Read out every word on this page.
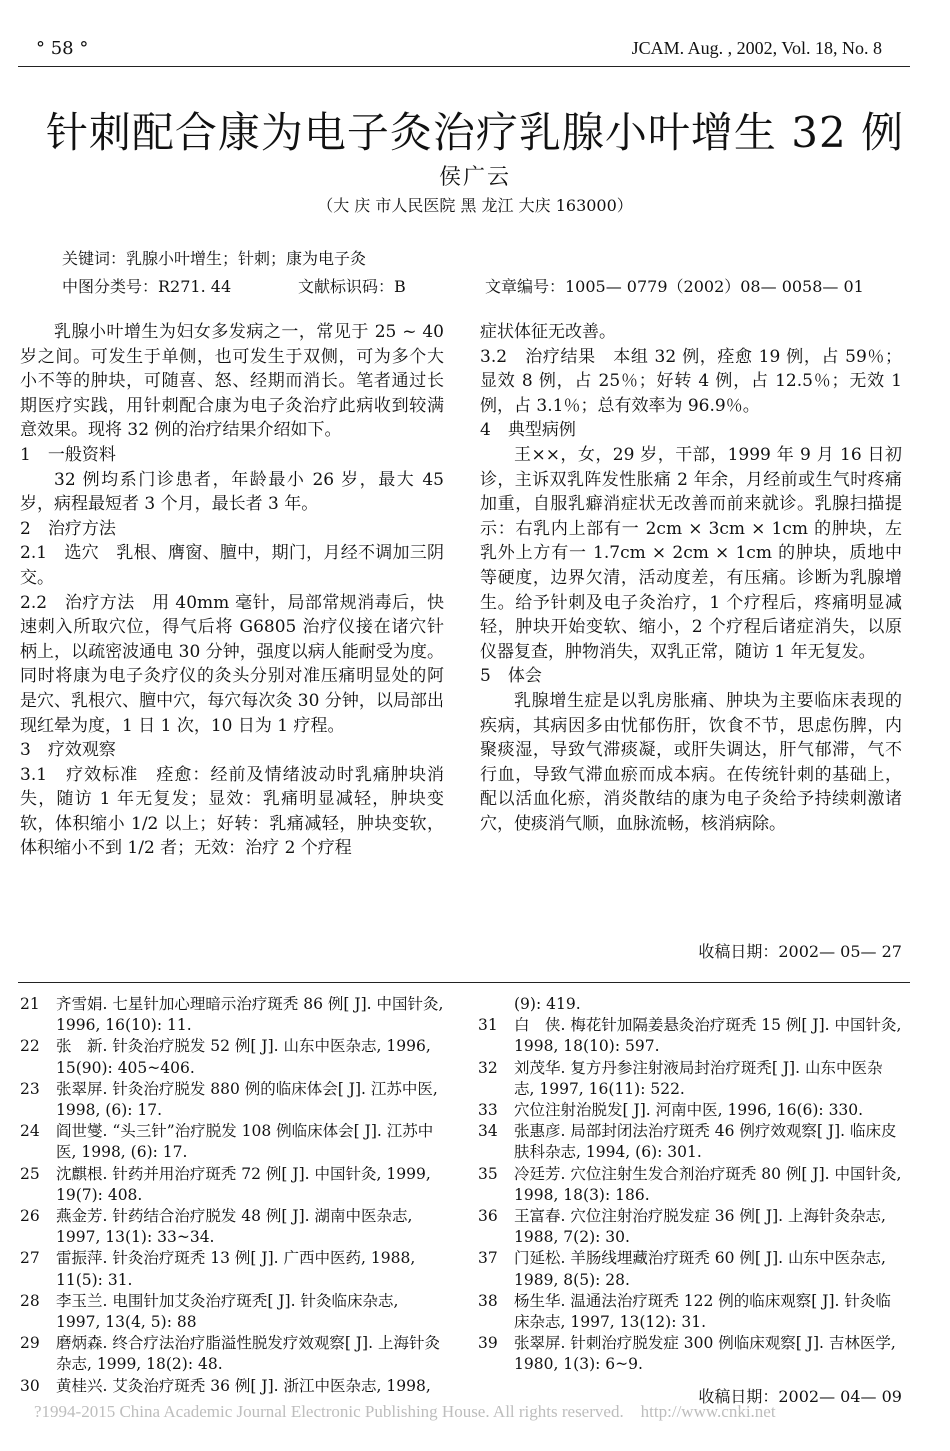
° 58 °	JCAM. Aug. , 2002, Vol. 18, No. 8
针刺配合康为电子灸治疗乳腺小叶增生 32 例
侯广云
（大 庆 市人民医院 黑 龙江 大庆 163000）
关键词：乳腺小叶增生；针刺；康为电子灸
中图分类号：R271. 44	文献标识码：B	文章编号：1005— 0779（2002）08— 0058— 01

乳腺小叶增生为妇女多发病之一，常见于 25 ~ 40岁之间。可发生于单侧，也可发生于双侧，可为多个大小不等的肿块，可随喜、怒、经期而消长。笔者通过长期医疗实践，用针刺配合康为电子灸治疗此病收到较满意效果。现将 32 例的治疗结果介绍如下。

1　一般资料

32 例均系门诊患者，年龄最小 26 岁，最大 45 岁，病程最短者 3 个月，最长者 3 年。

2　治疗方法

2.1　选穴　乳根、膺窗、膻中，期门，月经不调加三阴交。

2.2　治疗方法　用 40mm 毫针，局部常规消毒后，快速刺入所取穴位，得气后将 G6805 治疗仪接在诸穴针柄上，以疏密波通电 30 分钟，强度以病人能耐受为度。同时将康为电子灸疗仪的灸头分别对准压痛明显处的阿是穴、乳根穴、膻中穴，每穴每次灸 30 分钟，以局部出现红晕为度，1 日 1 次，10 日为 1 疗程。

3　疗效观察

3.1　疗效标准　痊愈：经前及情绪波动时乳痛肿块消失，随访 1 年无复发；显效：乳痛明显减轻，肿块变软，体积缩小 1/2 以上；好转：乳痛减轻，肿块变软，体积缩小不到 1/2 者；无效：治疗 2 个疗程

症状体征无改善。

3.2　治疗结果　本组 32 例，痊愈 19 例，占 59％；显效 8 例，占 25％；好转 4 例，占 12.5％；无效 1 例，占 3.1％；总有效率为 96.9％。

4　典型病例

王××，女，29 岁，干部，1999 年 9 月 16 日初诊，主诉双乳阵发性胀痛 2 年余，月经前或生气时疼痛加重，自服乳癖消症状无改善而前来就诊。乳腺扫描提示：右乳内上部有一 2cm × 3cm × 1cm 的肿块，左乳外上方有一 1.7cm × 2cm × 1cm 的肿块，质地中等硬度，边界欠清，活动度差，有压痛。诊断为乳腺增生。给予针刺及电子灸治疗，1 个疗程后，疼痛明显减轻，肿块开始变软、缩小，2 个疗程后诸症消失，以原仪器复查，肿物消失，双乳正常，随访 1 年无复发。

5　体会

乳腺增生症是以乳房胀痛、肿块为主要临床表现的疾病，其病因多由忧郁伤肝，饮食不节，思虑伤脾，内聚痰湿，导致气滞痰凝，或肝失调达，肝气郁滞，气不行血，导致气滞血瘀而成本病。在传统针刺的基础上，配以活血化瘀，消炎散结的康为电子灸给予持续刺激诸穴，使痰消气顺，血脉流畅，核消病除。

收稿日期：2002— 05— 27
21 齐雪娟. 七星针加心理暗示治疗斑秃 86 例[ J]. 中国针灸, 1996, 16(10): 11.
22 张　新. 针灸治疗脱发 52 例[ J]. 山东中医杂志, 1996, 15(90): 405~406.
23 张翠屏. 针灸治疗脱发 880 例的临床体会[ J]. 江苏中医, 1998, (6): 17.
24 阎世燮. “头三针”治疗脱发 108 例临床体会[ J]. 江苏中医, 1998, (6): 17.
25 沈麒根. 针药并用治疗斑秃 72 例[ J]. 中国针灸, 1999, 19(7): 408.
26 燕金芳. 针药结合治疗脱发 48 例[ J]. 湖南中医杂志, 1997, 13(1): 33~34.
27 雷振萍. 针灸治疗斑秃 13 例[ J]. 广西中医药, 1988, 11(5): 31.
28 李玉兰. 电围针加艾灸治疗斑秃[ J]. 针灸临床杂志, 1997, 13(4, 5): 88
29 磨炳森. 终合疗法治疗脂溢性脱发疗效观察[ J]. 上海针灸杂志, 1999, 18(2): 48.
30 黄桂兴. 艾灸治疗斑秃 36 例[ J]. 浙江中医杂志, 1998,
(9): 419.
31 白　侠. 梅花针加隔姜悬灸治疗斑秃 15 例[ J]. 中国针灸, 1998, 18(10): 597.
32 刘茂华. 复方丹参注射液局封治疗斑秃[ J]. 山东中医杂志, 1997, 16(11): 522.
33 穴位注射治脱发[ J]. 河南中医, 1996, 16(6): 330.
34 张惠彦. 局部封闭法治疗斑秃 46 例疗效观察[ J]. 临床皮肤科杂志, 1994, (6): 301.
35 冷廷芳. 穴位注射生发合剂治疗斑秃 80 例[ J]. 中国针灸, 1998, 18(3): 186.
36 王富春. 穴位注射治疗脱发症 36 例[ J]. 上海针灸杂志, 1988, 7(2): 30.
37 门延松. 羊肠线埋藏治疗斑秃 60 例[ J]. 山东中医杂志, 1989, 8(5): 28.
38 杨生华. 温通法治疗斑秃 122 例的临床观察[ J]. 针灸临床杂志, 1997, 13(12): 31.
39 张翠屏. 针刺治疗脱发症 300 例临床观察[ J]. 吉林医学, 1980, 1(3): 6~9.
收稿日期：2002— 04— 09
?1994-2015 China Academic Journal Electronic Publishing House. All rights reserved.　http://www.cnki.net
